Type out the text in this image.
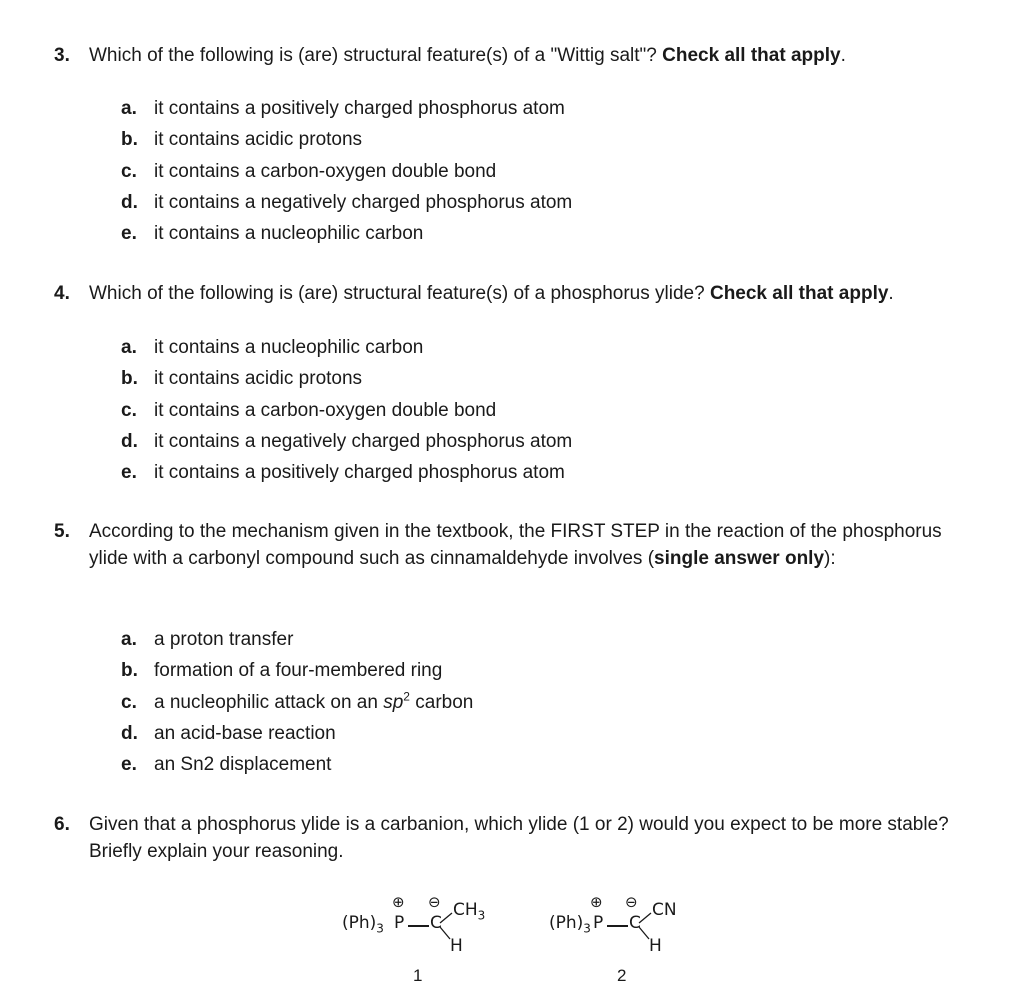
3. Which of the following is (are) structural feature(s) of a "Wittig salt"? Check all that apply.
a. it contains a positively charged phosphorus atom
b. it contains acidic protons
c. it contains a carbon-oxygen double bond
d. it contains a negatively charged phosphorus atom
e. it contains a nucleophilic carbon
4. Which of the following is (are) structural feature(s) of a phosphorus ylide? Check all that apply.
a. it contains a nucleophilic carbon
b. it contains acidic protons
c. it contains a carbon-oxygen double bond
d. it contains a negatively charged phosphorus atom
e. it contains a positively charged phosphorus atom
5. According to the mechanism given in the textbook, the FIRST STEP in the reaction of the phosphorus ylide with a carbonyl compound such as cinnamaldehyde involves (single answer only):
a. a proton transfer
b. formation of a four-membered ring
c. a nucleophilic attack on an $sp^2$ carbon
d. an acid-base reaction
e. an Sn2 displacement
6. Given that a phosphorus ylide is a carbanion, which ylide (1 or 2) would you expect to be more stable? Briefly explain your reasoning.
⊕ ⊖
$(Ph)_3$ P C
$CH_3$
H
1
⊕ ⊖
$(Ph)_3$ P C
CN
H
2
